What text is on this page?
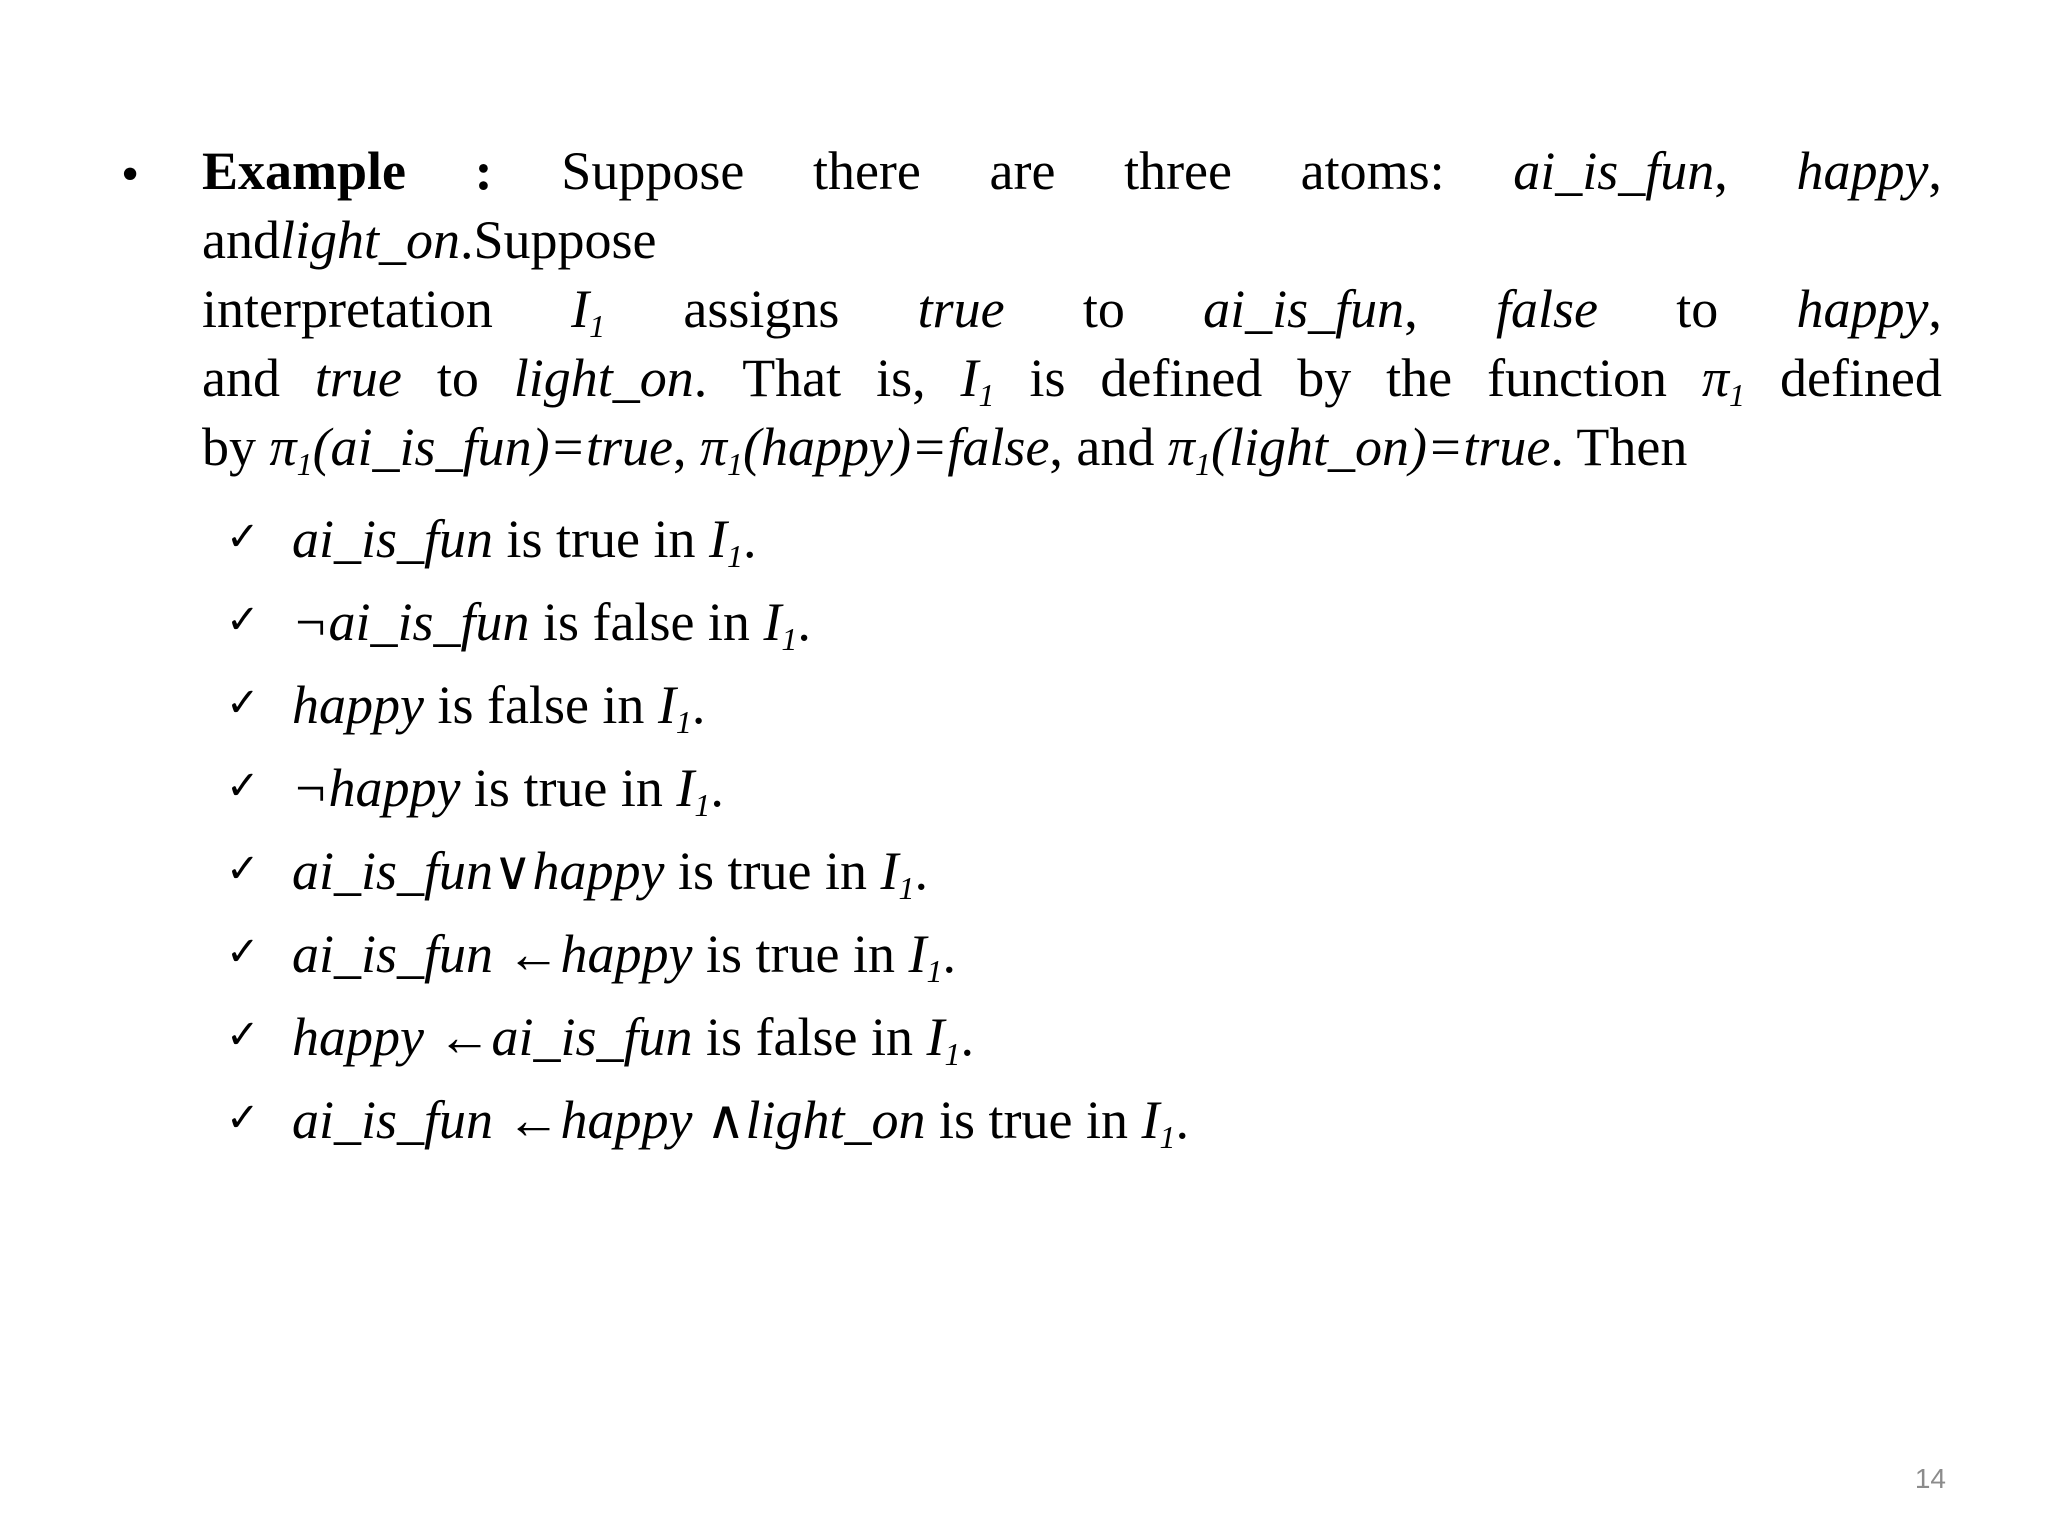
• Example : Suppose there are three atoms: ai_is_fun, happy,
andlight_on.Suppose
interpretation $I_1$ assigns true to ai_is_fun, false to happy,
and true to light_on. That is, $I_1$ is defined by the function $\pi_1$ defined
by $\pi_1(ai\_is\_fun)=true$, $\pi_1(happy)=false$, and $\pi_1(light\_on)=true$. Then
✓ ai_is_fun is true in $I_1$.
✓ ¬ai_is_fun is false in $I_1$.
✓ happy is false in $I_1$.
✓ ¬happy is true in $I_1$.
✓ ai_is_fun∨happy is true in $I_1$.
✓ ai_is_fun ←happy is true in $I_1$.
✓ happy ←ai_is_fun is false in $I_1$.
✓ ai_is_fun ←happy ∧light_on is true in $I_1$.
14
